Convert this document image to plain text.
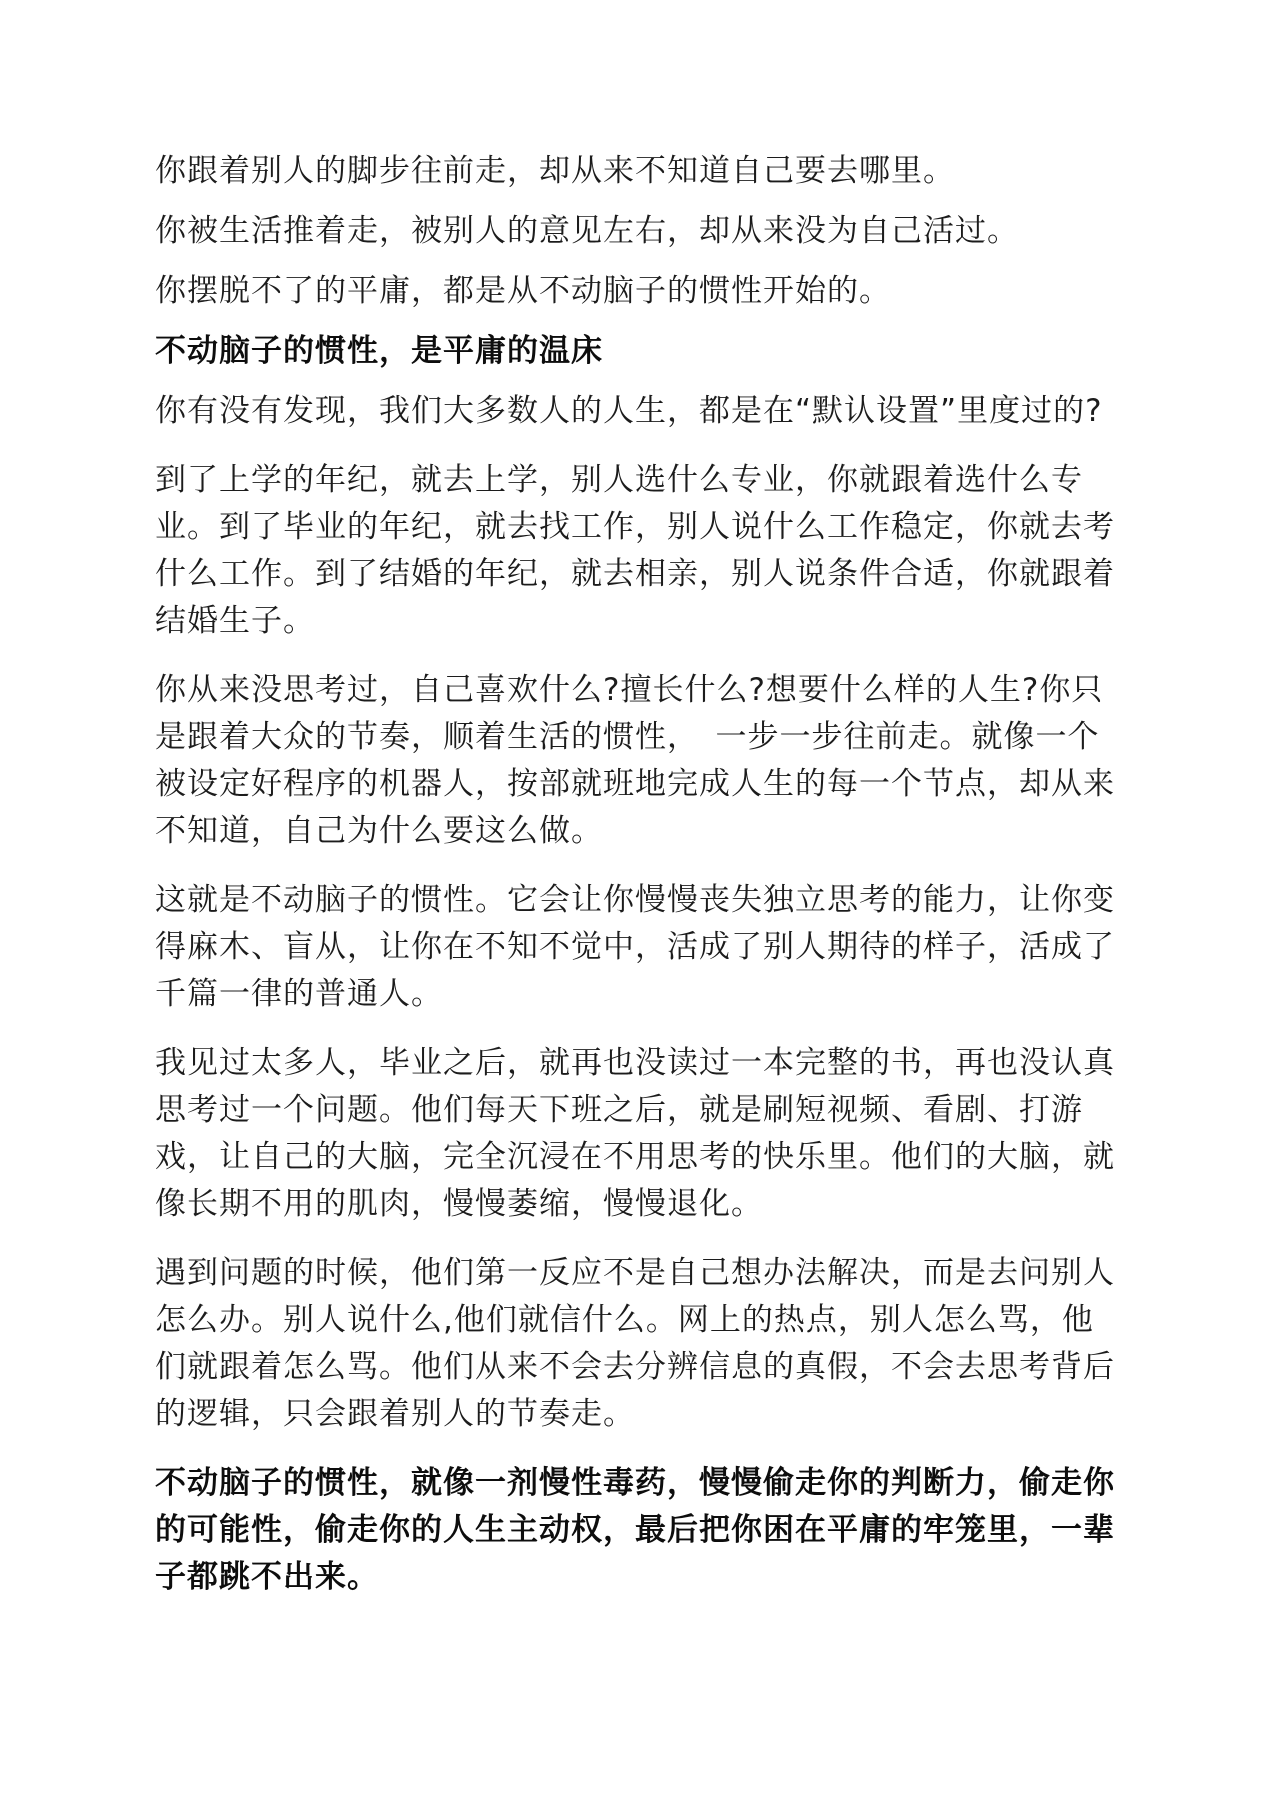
你跟着别人的脚步往前走，却从来不知道自己要去哪里。

你被生活推着走，被别人的意见左右，却从来没为自己活过。

你摆脱不了的平庸，都是从不动脑子的惯性开始的。

不动脑子的惯性，是平庸的温床

你有没有发现，我们大多数人的人生，都是在“默认设置”里度过的?

到了上学的年纪，就去上学，别人选什么专业，你就跟着选什么专业。到了毕业的年纪，就去找工作，别人说什么工作稳定，你就去考什么工作。到了结婚的年纪，就去相亲，别人说条件合适，你就跟着结婚生子。

你从来没思考过，自己喜欢什么?擅长什么?想要什么样的人生?你只是跟着大众的节奏，顺着生活的惯性，　一步一步往前走。就像一个被设定好程序的机器人，按部就班地完成人生的每一个节点，却从来不知道，自己为什么要这么做。

这就是不动脑子的惯性。它会让你慢慢丧失独立思考的能力，让你变得麻木、盲从，让你在不知不觉中，活成了别人期待的样子，活成了千篇一律的普通人。

我见过太多人，毕业之后，就再也没读过一本完整的书，再也没认真思考过一个问题。他们每天下班之后，就是刷短视频、看剧、打游戏，让自己的大脑，完全沉浸在不用思考的快乐里。他们的大脑，就像长期不用的肌肉，慢慢萎缩，慢慢退化。

遇到问题的时候，他们第一反应不是自己想办法解决，而是去问别人怎么办。别人说什么,他们就信什么。网上的热点，别人怎么骂，他们就跟着怎么骂。他们从来不会去分辨信息的真假，不会去思考背后的逻辑，只会跟着别人的节奏走。

不动脑子的惯性，就像一剂慢性毒药，慢慢偷走你的判断力，偷走你的可能性，偷走你的人生主动权，最后把你困在平庸的牢笼里，一辈子都跳不出来。
